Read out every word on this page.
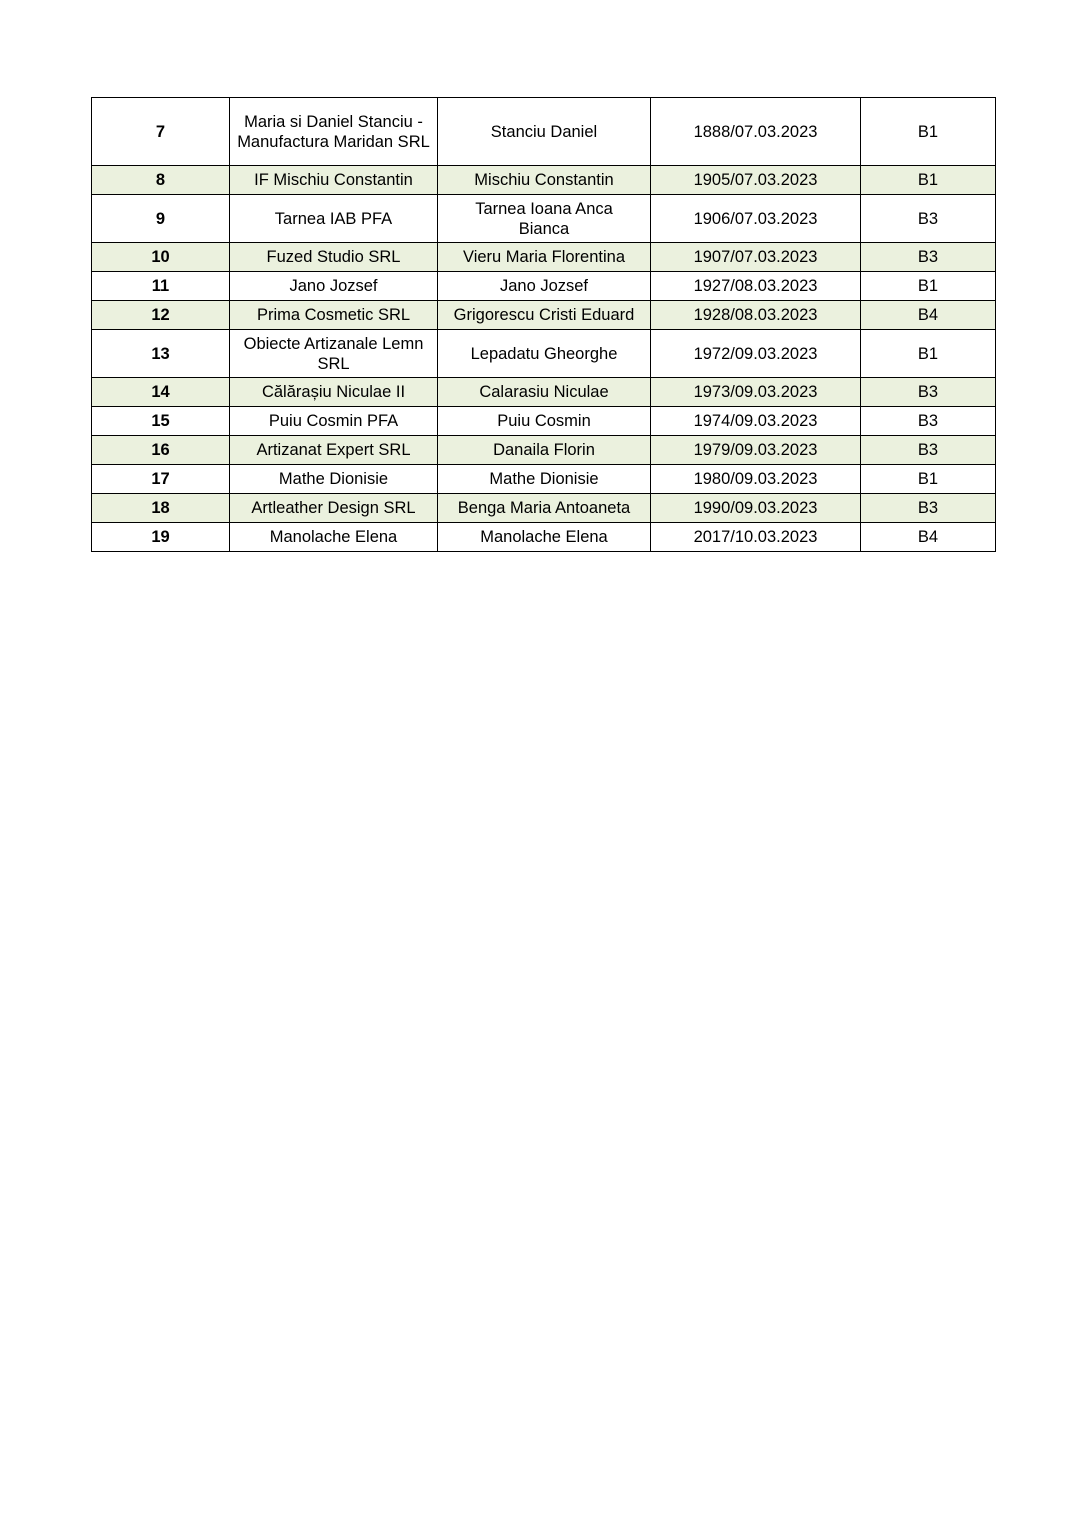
7	Maria si Daniel Stanciu - Manufactura Maridan SRL	Stanciu Daniel	1888/07.03.2023	B1
8	IF Mischiu Constantin	Mischiu Constantin	1905/07.03.2023	B1
9	Tarnea IAB PFA	Tarnea Ioana Anca Bianca	1906/07.03.2023	B3
10	Fuzed Studio SRL	Vieru Maria Florentina	1907/07.03.2023	B3
11	Jano Jozsef	Jano Jozsef	1927/08.03.2023	B1
12	Prima Cosmetic SRL	Grigorescu Cristi Eduard	1928/08.03.2023	B4
13	Obiecte Artizanale Lemn SRL	Lepadatu Gheorghe	1972/09.03.2023	B1
14	Călărașiu Niculae II	Calarasiu Niculae	1973/09.03.2023	B3
15	Puiu Cosmin PFA	Puiu Cosmin	1974/09.03.2023	B3
16	Artizanat Expert SRL	Danaila Florin	1979/09.03.2023	B3
17	Mathe Dionisie	Mathe Dionisie	1980/09.03.2023	B1
18	Artleather Design SRL	Benga Maria Antoaneta	1990/09.03.2023	B3
19	Manolache Elena	Manolache Elena	2017/10.03.2023	B4
